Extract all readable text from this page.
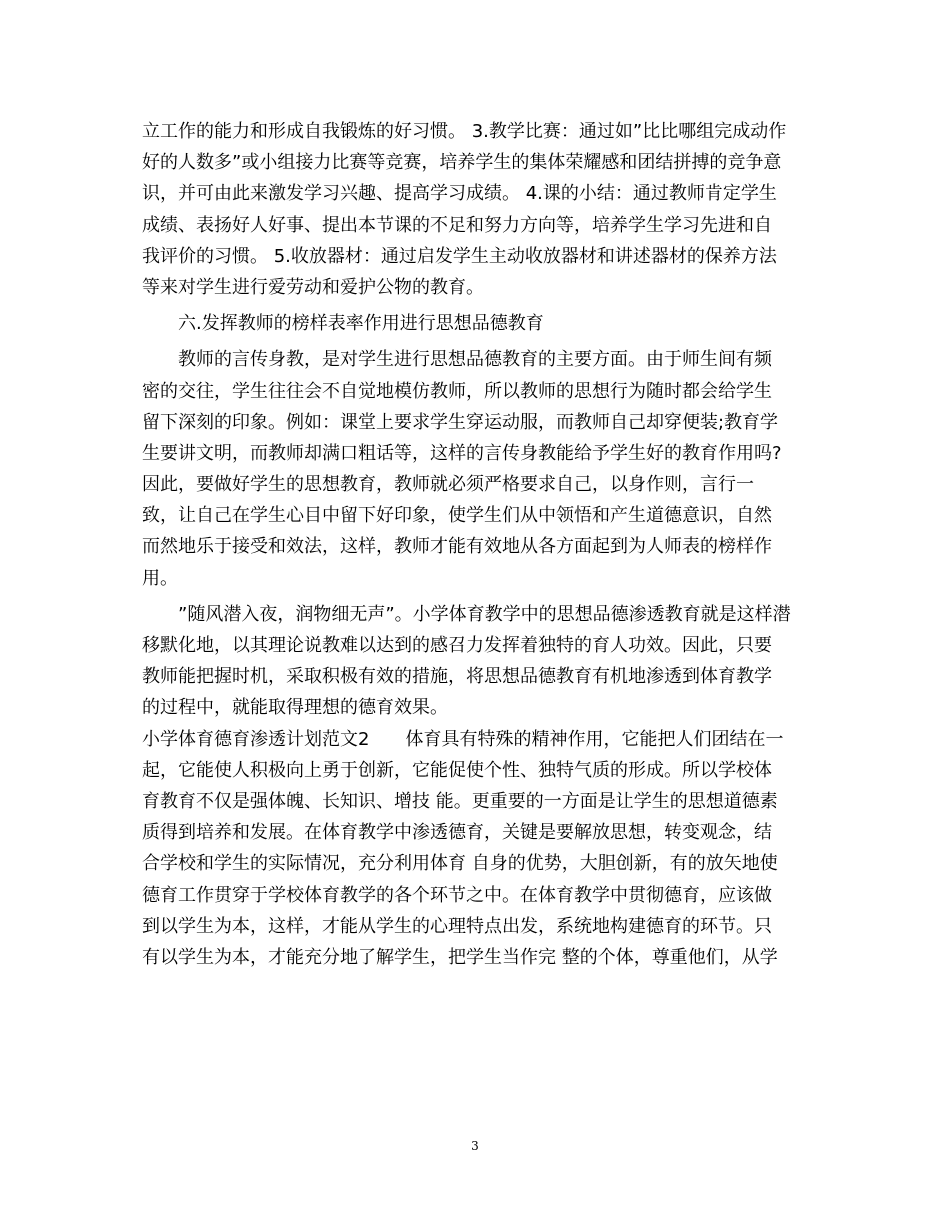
立工作的能力和形成自我锻炼的好习惯。 3.教学比赛：通过如”比比哪组完成动作
好的人数多”或小组接力比赛等竞赛，培养学生的集体荣耀感和团结拼搏的竞争意
识，并可由此来激发学习兴趣、提高学习成绩。 4.课的小结：通过教师肯定学生
成绩、表扬好人好事、提出本节课的不足和努力方向等，培养学生学习先进和自
我评价的习惯。 5.收放器材：通过启发学生主动收放器材和讲述器材的保养方法
等来对学生进行爱劳动和爱护公物的教育。
六.发挥教师的榜样表率作用进行思想品德教育
教师的言传身教，是对学生进行思想品德教育的主要方面。由于师生间有频
密的交往，学生往往会不自觉地模仿教师，所以教师的思想行为随时都会给学生
留下深刻的印象。例如：课堂上要求学生穿运动服，而教师自己却穿便装;教育学
生要讲文明，而教师却满口粗话等，这样的言传身教能给予学生好的教育作用吗?
因此，要做好学生的思想教育，教师就必须严格要求自己，以身作则，言行一
致，让自己在学生心目中留下好印象，使学生们从中领悟和产生道德意识，自然
而然地乐于接受和效法，这样，教师才能有效地从各方面起到为人师表的榜样作
用。
”随风潜入夜，润物细无声”。小学体育教学中的思想品德渗透教育就是这样潜
移默化地，以其理论说教难以达到的感召力发挥着独特的育人功效。因此，只要
教师能把握时机，采取积极有效的措施，将思想品德教育有机地渗透到体育教学
的过程中，就能取得理想的德育效果。
小学体育德育渗透计划范文2　　体育具有特殊的精神作用，它能把人们团结在一
起，它能使人积极向上勇于创新，它能促使个性、独特气质的形成。所以学校体
育教育不仅是强体魄、长知识、增技 能。更重要的一方面是让学生的思想道德素
质得到培养和发展。在体育教学中渗透德育，关键是要解放思想，转变观念，结
合学校和学生的实际情况，充分利用体育 自身的优势，大胆创新，有的放矢地使
德育工作贯穿于学校体育教学的各个环节之中。在体育教学中贯彻德育，应该做
到以学生为本，这样，才能从学生的心理特点出发，系统地构建德育的环节。只
有以学生为本，才能充分地了解学生，把学生当作完 整的个体，尊重他们，从学
3
